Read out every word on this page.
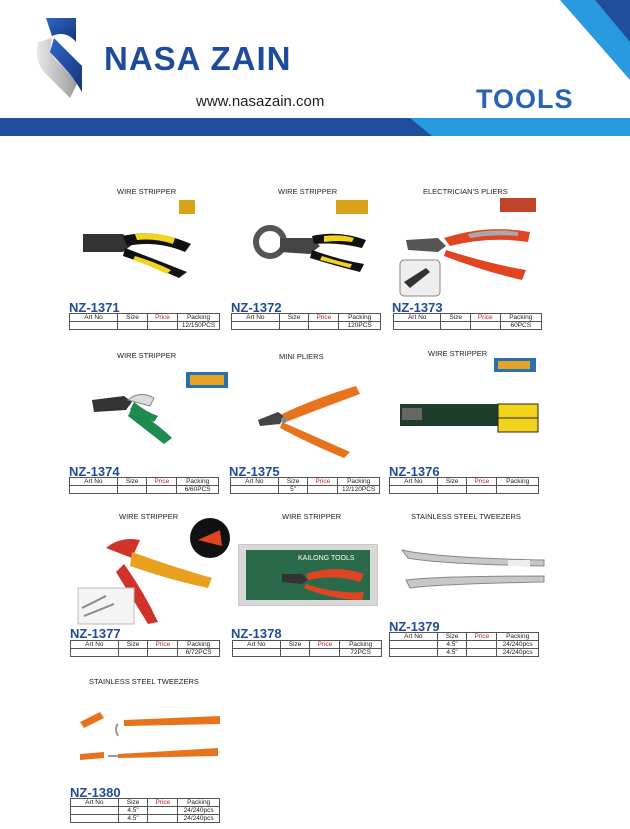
NASA ZAIN
www.nasazain.com	TOOLS
WIRE STRIPPER
NZ-1371
Art No	Size	Price	Packing
			12/150PCS
WIRE STRIPPER
NZ-1372
Art No	Size	Price	Packing
			120PCS
ELECTRICIAN'S PLIERS
NZ-1373
Art No	Size	Price	Packing
			60PCS
WIRE STRIPPER
NZ-1374
Art No	Size	Price	Packing
			6/60PCS
MINI PLIERS
NZ-1375
Art No	Size	Price	Packing
	5"		12/120PCS
WIRE STRIPPER
NZ-1376
Art No	Size	Price	Packing

WIRE STRIPPER
NZ-1377
Art No	Size	Price	Packing
			6/72PCS
WIRE STRIPPER
KAILONG TOOLS
NZ-1378
Art No	Size	Price	Packing
			72PCS
STAINLESS STEEL TWEEZERS
NZ-1379
Art No	Size	Price	Packing
	4.5"		24/240pcs
	4.5"		24/240pcs
STAINLESS STEEL TWEEZERS
NZ-1380
Art No	Size	Price	Packing
	4.5"		24/240pcs
	4.5"		24/240pcs
